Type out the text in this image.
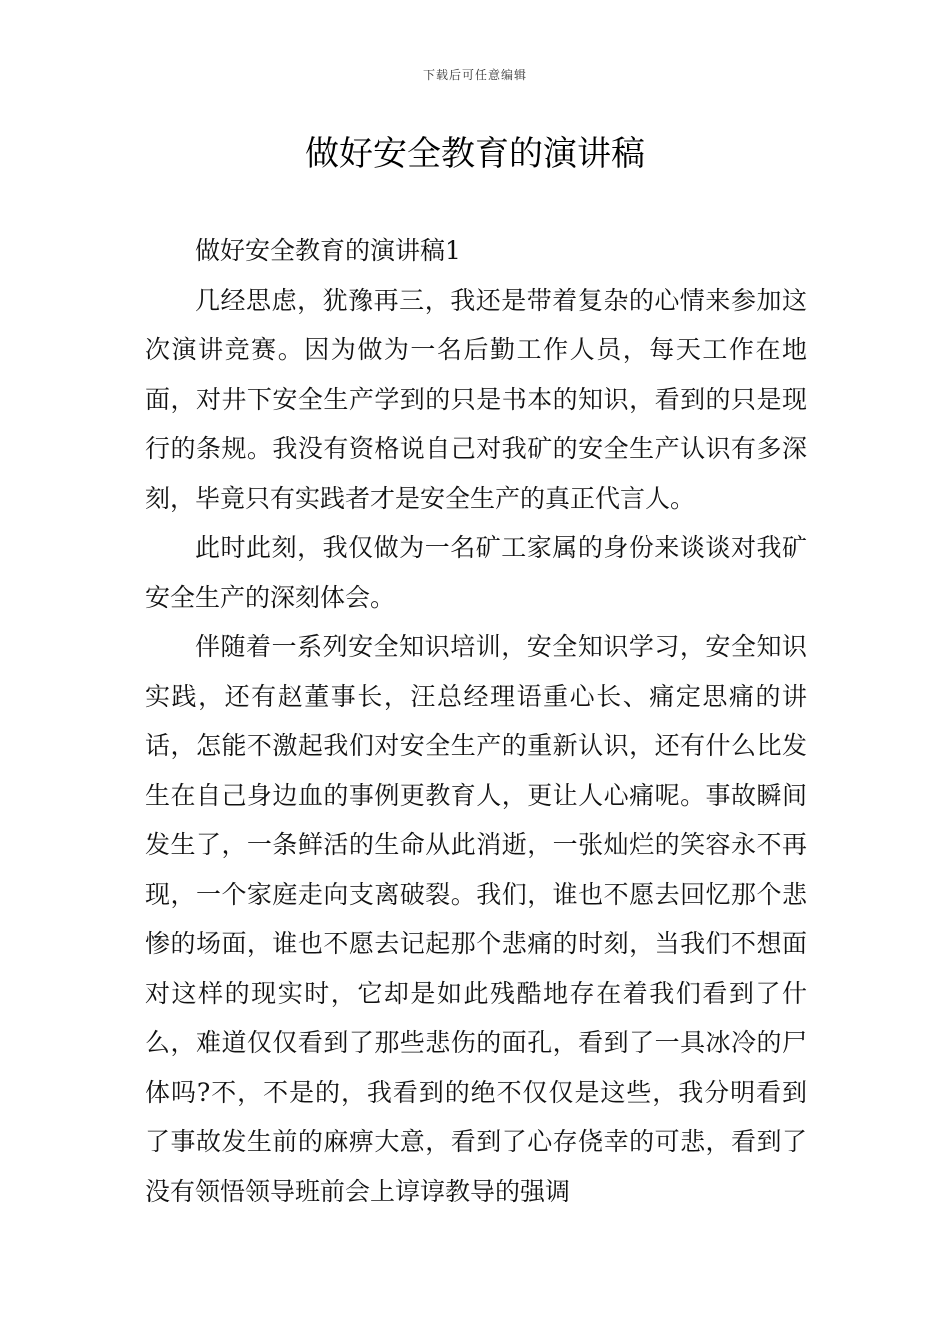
下载后可任意编辑
做好安全教育的演讲稿

做好安全教育的演讲稿1

几经思虑，犹豫再三，我还是带着复杂的心情来参加这次演讲竞赛。因为做为一名后勤工作人员，每天工作在地面，对井下安全生产学到的只是书本的知识，看到的只是现行的条规。我没有资格说自己对我矿的安全生产认识有多深刻，毕竟只有实践者才是安全生产的真正代言人。

此时此刻，我仅做为一名矿工家属的身份来谈谈对我矿安全生产的深刻体会。

伴随着一系列安全知识培训，安全知识学习，安全知识实践，还有赵董事长，汪总经理语重心长、痛定思痛的讲话，怎能不激起我们对安全生产的重新认识，还有什么比发生在自己身边血的事例更教育人，更让人心痛呢。事故瞬间发生了，一条鲜活的生命从此消逝，一张灿烂的笑容永不再现，一个家庭走向支离破裂。我们，谁也不愿去回忆那个悲惨的场面，谁也不愿去记起那个悲痛的时刻，当我们不想面对这样的现实时，它却是如此残酷地存在着我们看到了什么，难道仅仅看到了那些悲伤的面孔，看到了一具冰冷的尸体吗?不，不是的，我看到的绝不仅仅是这些，我分明看到了事故发生前的麻痹大意，看到了心存侥幸的可悲，看到了没有领悟领导班前会上谆谆教导的强调
